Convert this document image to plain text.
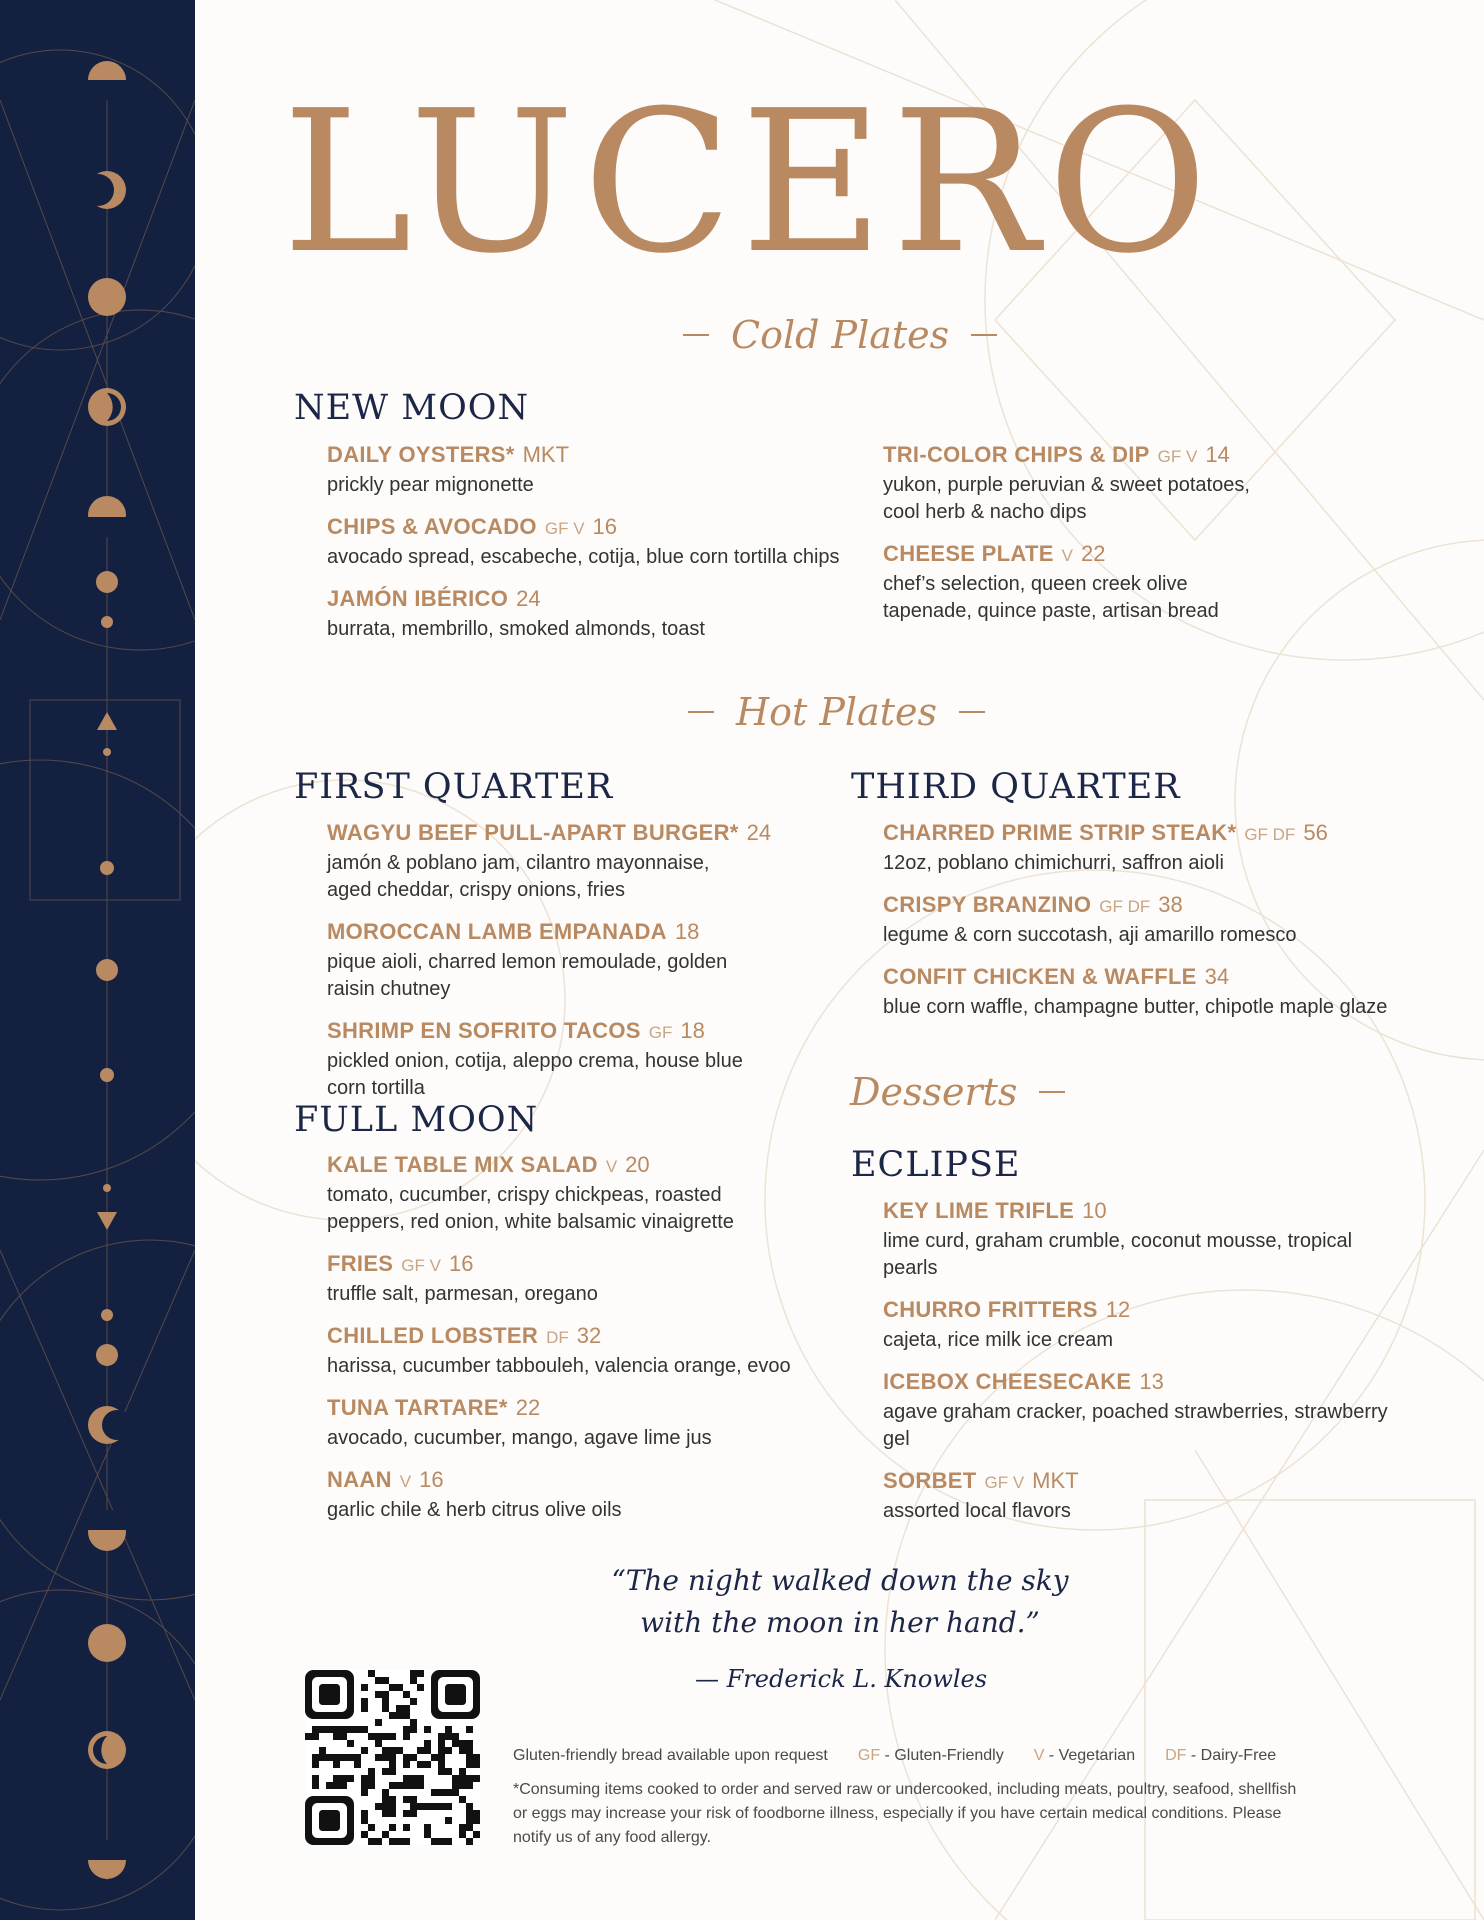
LUCERO
Cold Plates
NEW MOON
DAILY OYSTERS* MKT
prickly pear mignonette
CHIPS & AVOCADO GF V 16
avocado spread, escabeche, cotija, blue corn tortilla chips
JAMÓN IBÉRICO 24
burrata, membrillo, smoked almonds, toast
TRI-COLOR CHIPS & DIP GF V 14
yukon, purple peruvian & sweet potatoes, cool herb & nacho dips
CHEESE PLATE V 22
chef’s selection, queen creek olive tapenade, quince paste, artisan bread
Hot Plates
FIRST QUARTER
WAGYU BEEF PULL-APART BURGER* 24
jamón & poblano jam, cilantro mayonnaise, aged cheddar, crispy onions, fries
MOROCCAN LAMB EMPANADA 18
pique aioli, charred lemon remoulade, golden raisin chutney
SHRIMP EN SOFRITO TACOS GF 18
pickled onion, cotija, aleppo crema, house blue corn tortilla
THIRD QUARTER
CHARRED PRIME STRIP STEAK* GF DF 56
12oz, poblano chimichurri, saffron aioli
CRISPY BRANZINO GF DF 38
legume & corn succotash, aji amarillo romesco
CONFIT CHICKEN & WAFFLE 34
blue corn waffle, champagne butter, chipotle maple glaze
Desserts
FULL MOON
KALE TABLE MIX SALAD V 20
tomato, cucumber, crispy chickpeas, roasted peppers, red onion, white balsamic vinaigrette
FRIES GF V 16
truffle salt, parmesan, oregano
CHILLED LOBSTER DF 32
harissa, cucumber tabbouleh, valencia orange, evoo
TUNA TARTARE* 22
avocado, cucumber, mango, agave lime jus
NAAN V 16
garlic chile & herb citrus olive oils
ECLIPSE
KEY LIME TRIFLE 10
lime curd, graham crumble, coconut mousse, tropical pearls
CHURRO FRITTERS 12
cajeta, rice milk ice cream
ICEBOX CHEESECAKE 13
agave graham cracker, poached strawberries, strawberry gel
SORBET GF V MKT
assorted local flavors
“The night walked down the sky
with the moon in her hand.”
— Frederick L. Knowles
Gluten-friendly bread available upon request GF - Gluten-Friendly V - Vegetarian DF - Dairy-Free
*Consuming items cooked to order and served raw or undercooked, including meats, poultry, seafood, shellfish or eggs may increase your risk of foodborne illness, especially if you have certain medical conditions. Please notify us of any food allergy.
